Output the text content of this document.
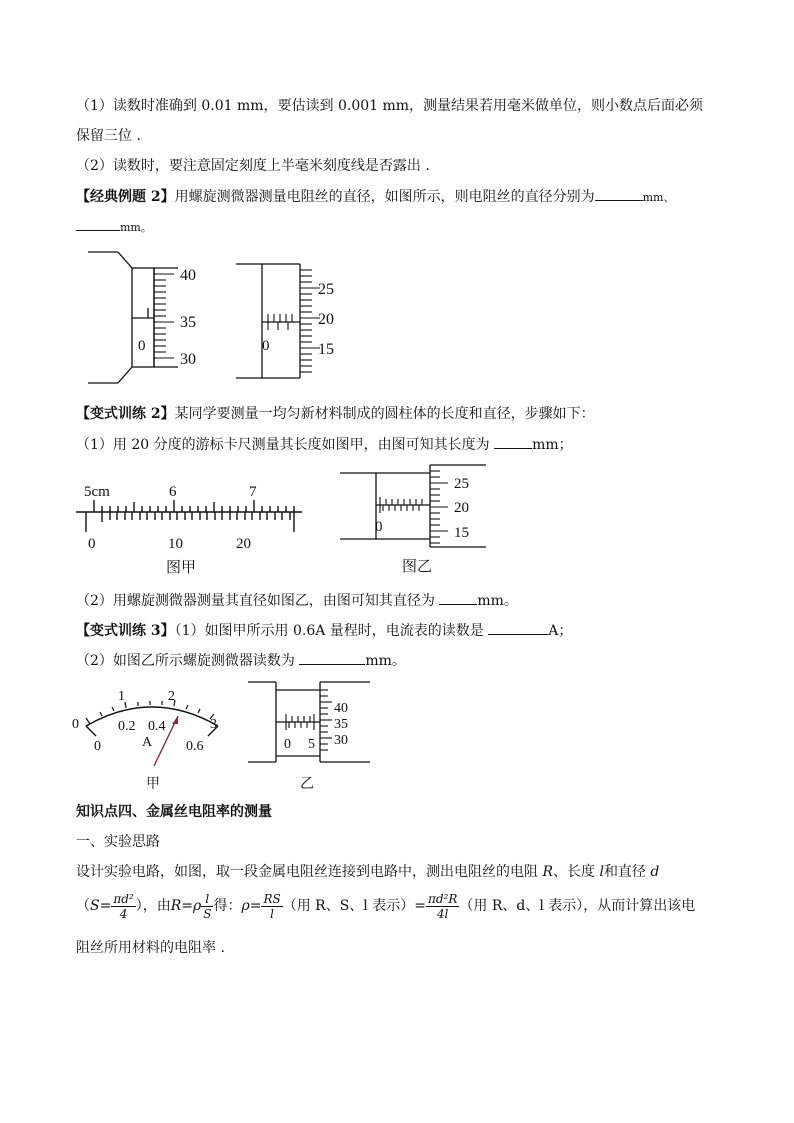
（1）读数时准确到 0.01 mm，要估读到 0.001 mm，测量结果若用毫米做单位，则小数点后面必须
保留三位 .
（2）读数时，要注意固定刻度上半毫米刻度线是否露出 .
【经典例题 2】用螺旋测微器测量电阻丝的直径，如图所示，则电阻丝的直径分别为	mm、
mm。
40
35
30
0
25
20
15
0
【变式训练 2】某同学要测量一均匀新材料制成的圆柱体的长度和直径，步骤如下：
（1）用 20 分度的游标卡尺测量其长度如图甲，由图可知其长度为	mm；
5cm	6	7
0	10	20
图甲
25
20
15
0
图乙
（2）用螺旋测微器测量其直径如图乙，由图可知其直径为	mm。
【变式训练 3】（1）如图甲所示用 0.6A 量程时，电流表的读数是	A；
（2）如图乙所示螺旋测微器读数为	mm。
0
1	2
3
0
0.2 0.4
0.6
A
甲
40
35
30
0 5
乙
知识点四、金属丝电阻率的测量
一、实验思路
设计实验电路，如图，取一段金属电阻丝连接到电路中，测出电阻丝的电阻 R、长度 l和直径 d
（$S= \frac{\text{πd²}}{4}$ ），由$R=\rho \frac{l}{S}$ 得：$\rho= \frac{RS}{l}$ （用 R、S、l 表示）= $\frac{\text{πd²R}}{4l}$ （用 R、d、l 表示），从而计算出该电
阻丝所用材料的电阻率 .
